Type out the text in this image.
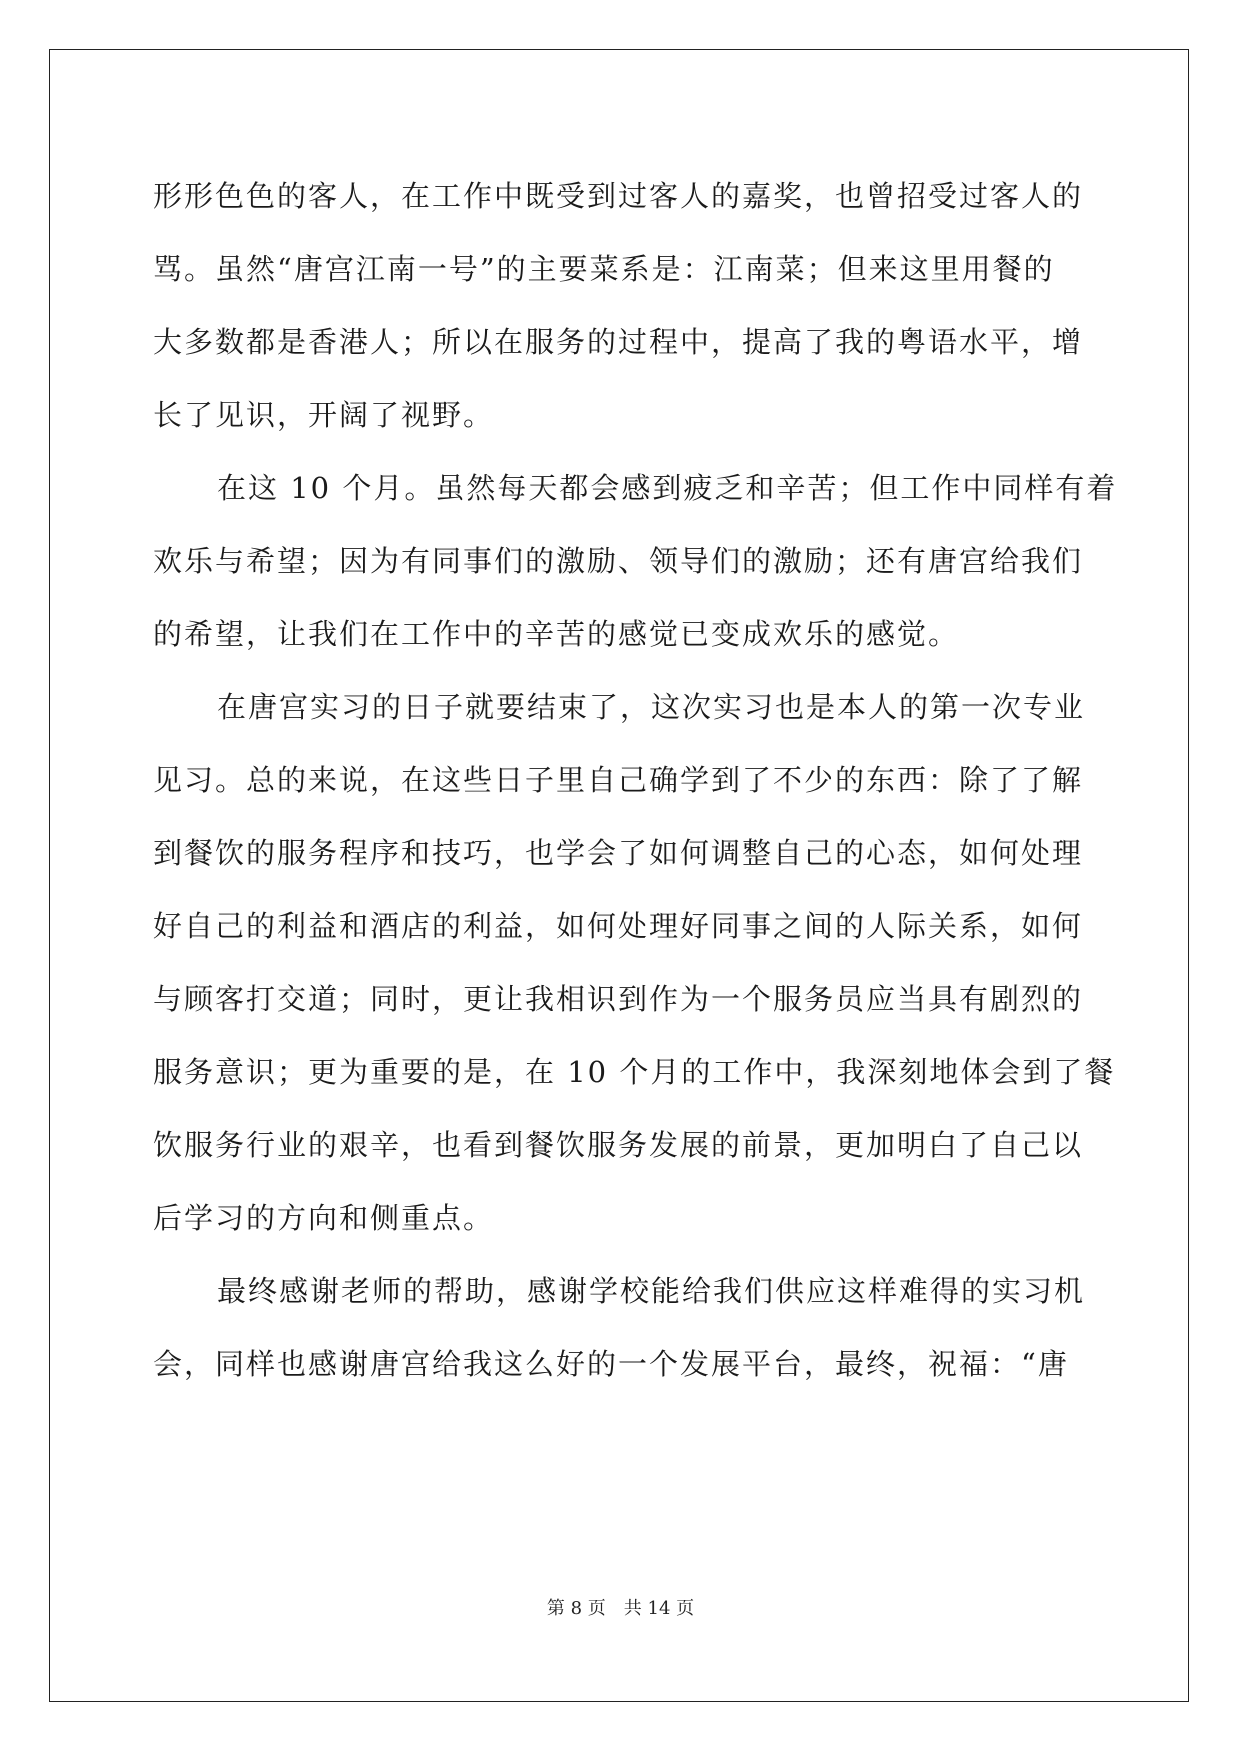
形形色色的客人，在工作中既受到过客人的嘉奖，也曾招受过客人的
骂。虽然“唐宫江南一号”的主要菜系是：江南菜；但来这里用餐的
大多数都是香港人；所以在服务的过程中，提高了我的粤语水平，增
长了见识，开阔了视野。
在这 10 个月。虽然每天都会感到疲乏和辛苦；但工作中同样有着
欢乐与希望；因为有同事们的激励、领导们的激励；还有唐宫给我们
的希望，让我们在工作中的辛苦的感觉已变成欢乐的感觉。
在唐宫实习的日子就要结束了，这次实习也是本人的第一次专业
见习。总的来说，在这些日子里自己确学到了不少的东西：除了了解
到餐饮的服务程序和技巧，也学会了如何调整自己的心态，如何处理
好自己的利益和酒店的利益，如何处理好同事之间的人际关系，如何
与顾客打交道；同时，更让我相识到作为一个服务员应当具有剧烈的
服务意识；更为重要的是，在 10 个月的工作中，我深刻地体会到了餐
饮服务行业的艰辛，也看到餐饮服务发展的前景，更加明白了自己以
后学习的方向和侧重点。
最终感谢老师的帮助，感谢学校能给我们供应这样难得的实习机
会，同样也感谢唐宫给我这么好的一个发展平台，最终，祝福：“唐
第 8 页 共 14 页
